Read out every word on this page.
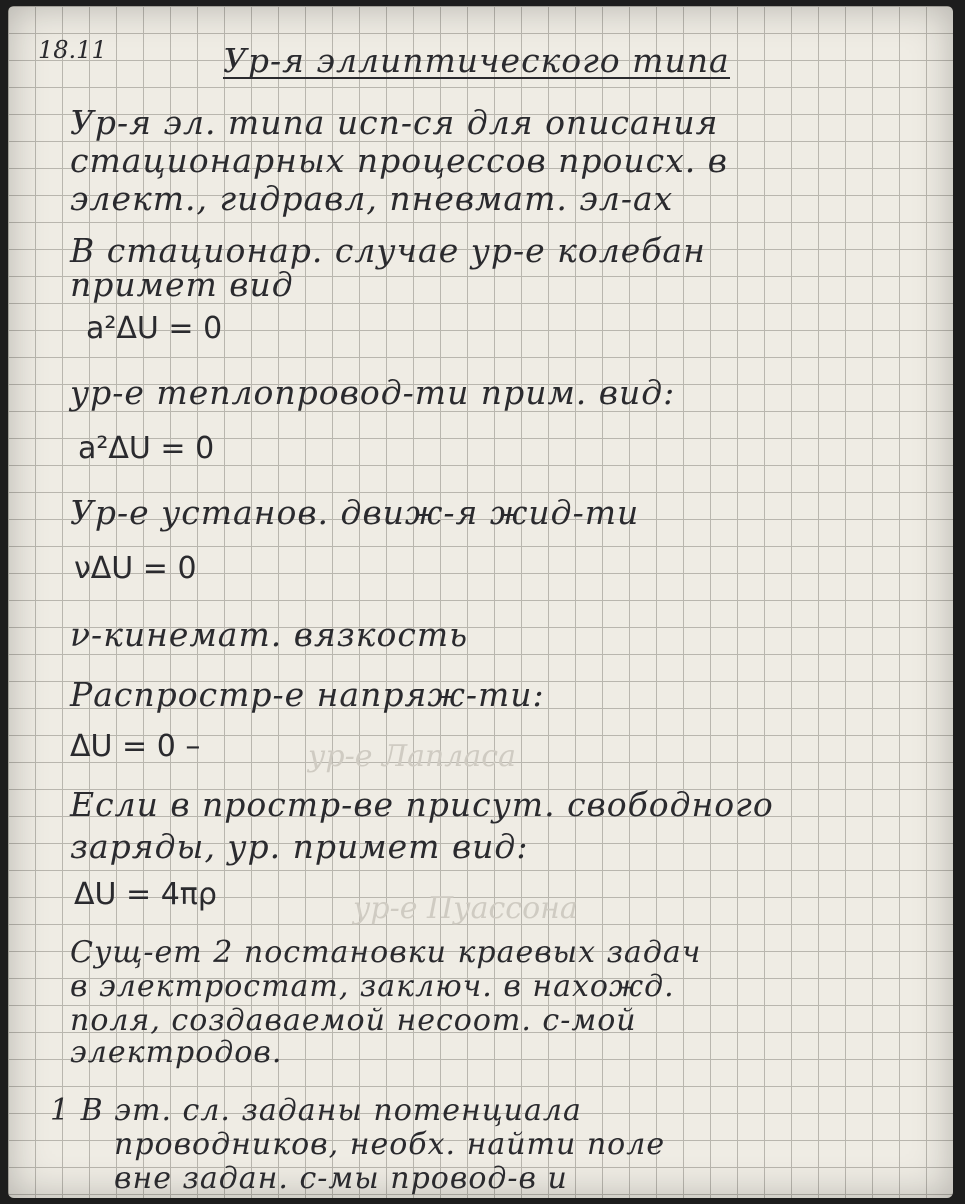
18.11	Ур-я эллиптического типа
Ур-я эл. типа исп-ся для описания
стационарных процессов происх. в
элект., гидравл, пневмат. эл-ах
В стационар. случае ур-е колебан
примет вид
a²ΔU = 0
ур-е теплопровод-ти прим. вид:
a²ΔU = 0
Ур-е установ. движ-я жид-ти
νΔU = 0
ν-кинемат. вязкость
Распростр-е напряж-ти:
ΔU = 0 –	ур-е Лапласа
Если в простр-ве присут. свободного
заряды, ур. примет вид:
ΔU = 4πρ	ур-е Пуассона
Сущ-ет 2 постановки краевых задач
в электростат, заключ. в нахожд.
поля, создаваемой несоот. с-мой
электродов.
1 В эт. сл. заданы потенциала
проводников, необх. найти поле
вне задан. с-мы провод-в и
